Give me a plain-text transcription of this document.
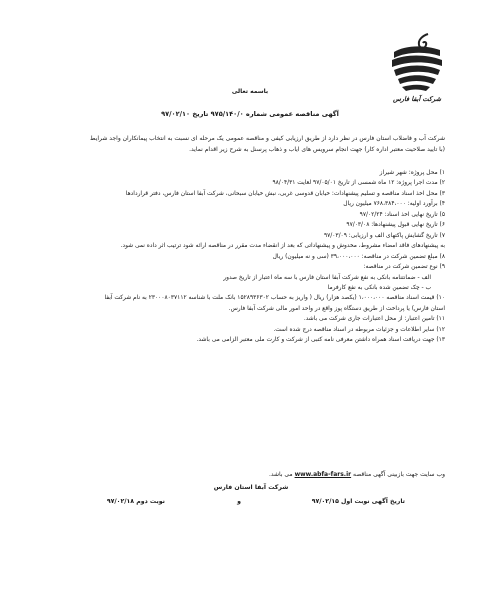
شرکت آبفا فارس
باسمه تعالی
آگهی مناقصه عمومی شماره ۹۷۵/۱۴۰/۰ تاریخ ۹۷/۰۲/۱۰
شرکت آب و فاضلاب استان فارس در نظر دارد از طریق ارزیابی کیفی و مناقصه عمومی یک مرحله ای نسبت به انتخاب پیمانکاران واجد شرایط (با تایید صلاحیت معتبر اداره کار) جهت انجام سرویس های ایاب و ذهاب پرسنل به شرح زیر اقدام نماید.
۱) محل پروژه: شهر شیراز
۲) مدت اجرا پروژه: ۱۲ ماه شمسی از تاریخ ۹۷/۰۵/۰۱ لغایت ۹۸/۰۴/۳۱
۳) محل اخذ اسناد مناقصه و تسلیم پیشنهادات: خیابان قدوسی غربی، نبش خیابان سبحانی، شرکت آبفا استان فارس، دفتر قراردادها
۴) برآورد اولیه: ۷۶۸،۳۸۴،۰۰۰ میلیون ریال
۵) تاریخ نهایی اخذ اسناد: ۹۷/۰۲/۲۴
۶) تاریخ نهایی قبول پیشنهادها: ۹۷/۰۳/۰۸
۷) تاریخ گشایش پاکتهای الف و ارزیابی: ۹۷/۰۳/۰۹
به پیشنهادهای فاقد امضاء مشروط، مخدوش و پیشنهاداتی که بعد از انقضاء مدت مقرر در مناقصه ارائه شود ترتیب اثر داده نمی شود.
۸) مبلغ تضمین شرکت در مناقصه: ۳۹،۰۰۰،۰۰۰ (سی و نه میلیون) ریال
۹) نوع تضمین شرکت در مناقصه:
الف - ضمانتنامه بانکی به نفع شرکت آبفا استان فارس با سه ماه اعتبار از تاریخ صدور
ب - چک تضمین شده بانکی به نفع کارفرما
۱۰) قیمت اسناد مناقصه ۱،۰۰۰،۰۰۰ (یکصد هزار) ریال ( واریز به حساب ۱۵۲۸۹۳۶۳۰۲ بانک ملت با شناسه ۲۳۰۰۰۸۰۳۷۱۱۲ به نام شرکت آبفا استان فارس) یا پرداخت از طریق دستگاه پوز واقع در واحد امور مالی شرکت آبفا فارس.
۱۱) تامین اعتبار: از محل اعتبارات جاری شرکت می باشد.
۱۲) سایر اطلاعات و جزئیات مربوطه در اسناد مناقصه درج شده است.
۱۳) جهت دریافت اسناد همراه داشتن معرفی نامه کتبی از شرکت و کارت ملی معتبر الزامی می باشد.
وب سایت جهت بازبینی آگهی مناقصه www.abfa-fars.ir می باشد.
شرکت آبفا استان فارس
تاریخ آگهی نوبت اول ۹۷/۰۲/۱۵
و
نوبت دوم ۹۷/۰۲/۱۸
